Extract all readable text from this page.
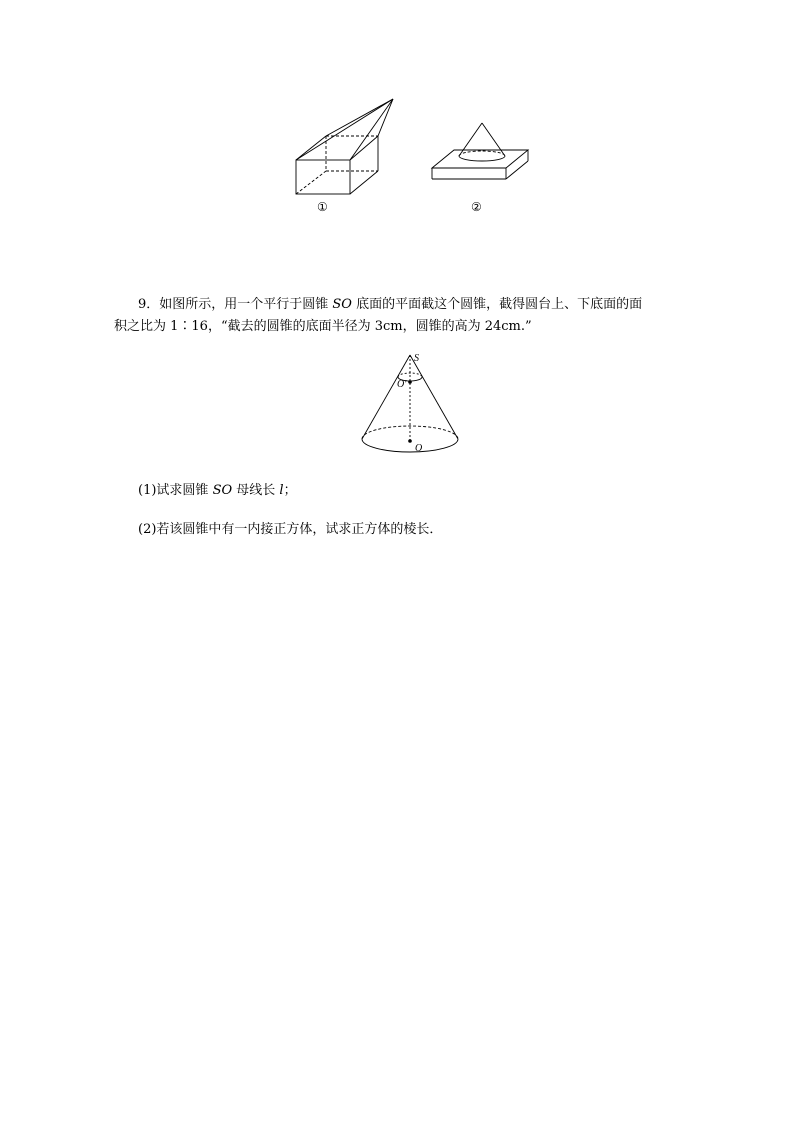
①	②
9．如图所示，用一个平行于圆锥 SO 底面的平面截这个圆锥，截得圆台上、下底面的面
积之比为 1∶16，“截去的圆锥的底面半径为 3cm，圆锥的高为 24cm.”
S
O'
O
(1)试求圆锥 SO 母线长 l；
(2)若该圆锥中有一内接正方体，试求正方体的棱长．
